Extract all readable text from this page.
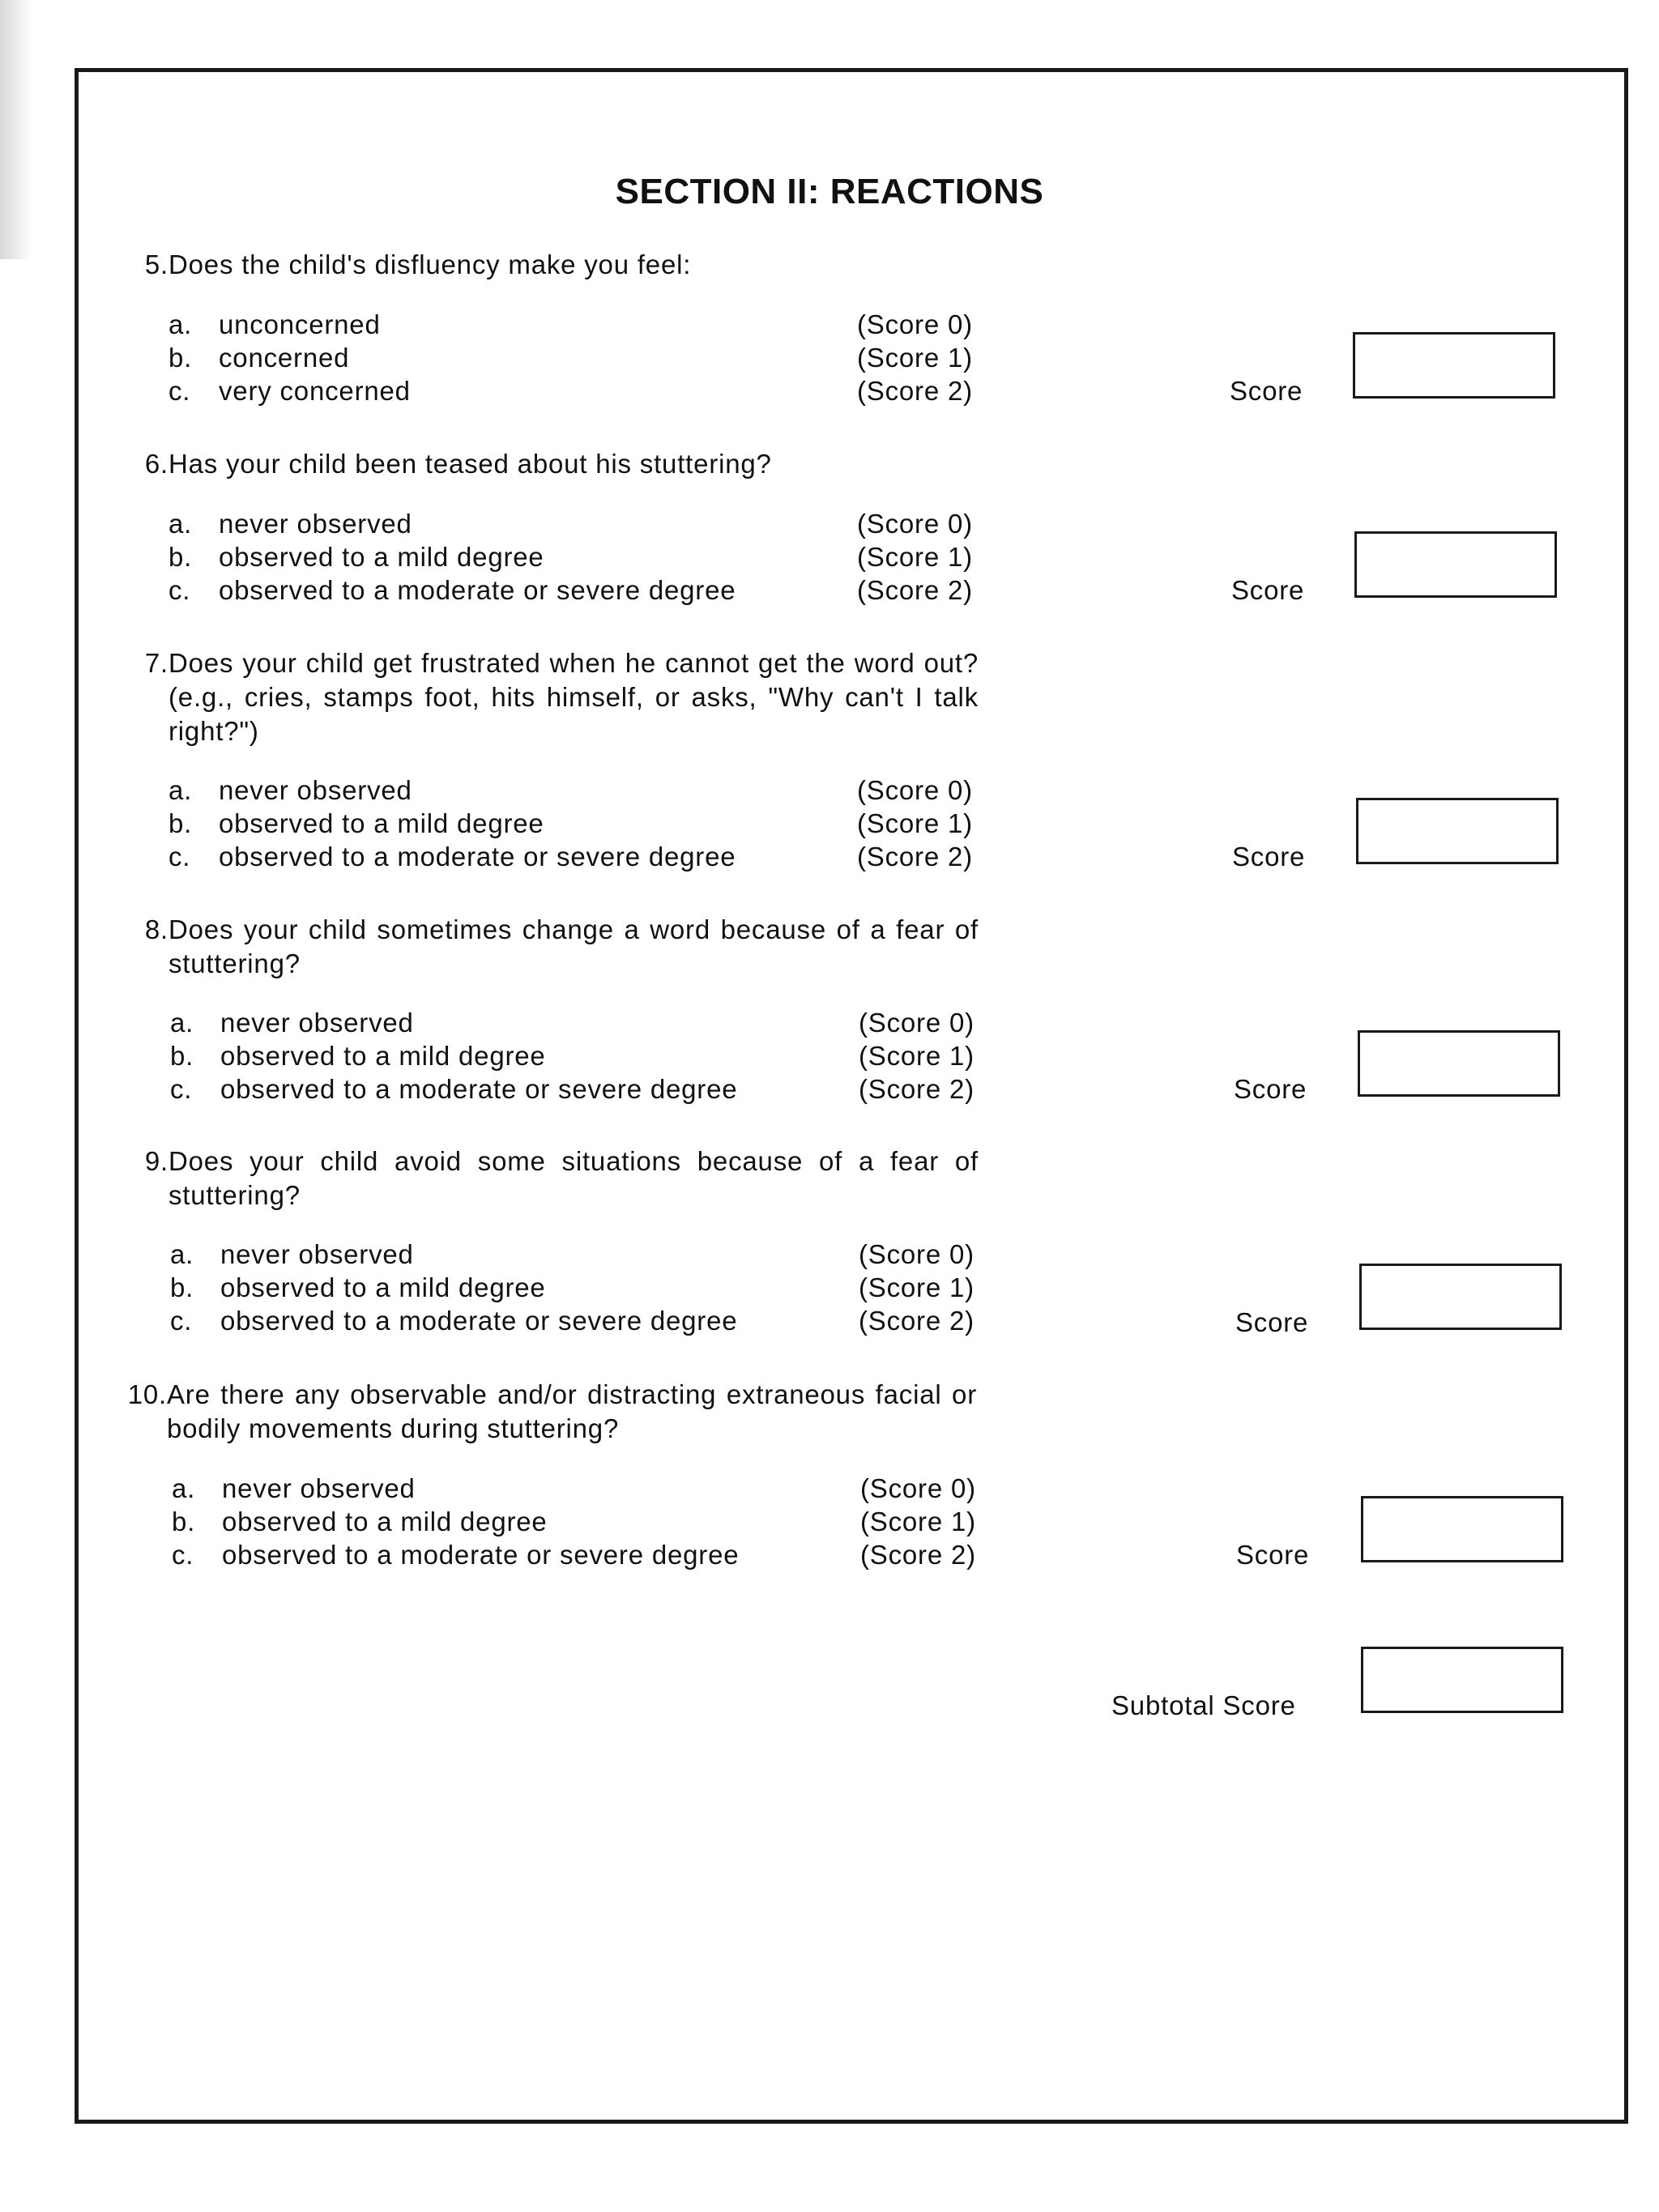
SECTION II: REACTIONS
5. Does the child's disfluency make you feel:
a. unconcerned	(Score 0)
b. concerned	(Score 1)
c.	very concerned	(Score 2)	Score
6. Has your child been teased about his stuttering?
a. never observed	(Score 0)
b. observed to a mild degree	(Score 1)
c.	observed to a moderate or severe degree	(Score 2)	Score
7. Does your child get frustrated when he cannot get the word out? (e.g., cries, stamps foot, hits himself, or asks, "Why can't I talk right?")
a. never observed	(Score 0)
b. observed to a mild degree	(Score 1)
c.	observed to a moderate or severe degree	(Score 2)	Score
8. Does your child sometimes change a word because of a fear of stuttering?
a. never observed	(Score 0)
b. observed to a mild degree	(Score 1)
c.	observed to a moderate or severe degree	(Score 2)	Score
9. Does your child avoid some situations because of a fear of stuttering?
a. never observed	(Score 0)
b. observed to a mild degree	(Score 1)
c.	observed to a moderate or severe degree	(Score 2)	Score
10. Are there any observable and/or distracting extraneous facial or bodily movements during stuttering?
a. never observed	(Score 0)
b. observed to a mild degree	(Score 1)
c.	observed to a moderate or severe degree	(Score 2)	Score
Subtotal Score
